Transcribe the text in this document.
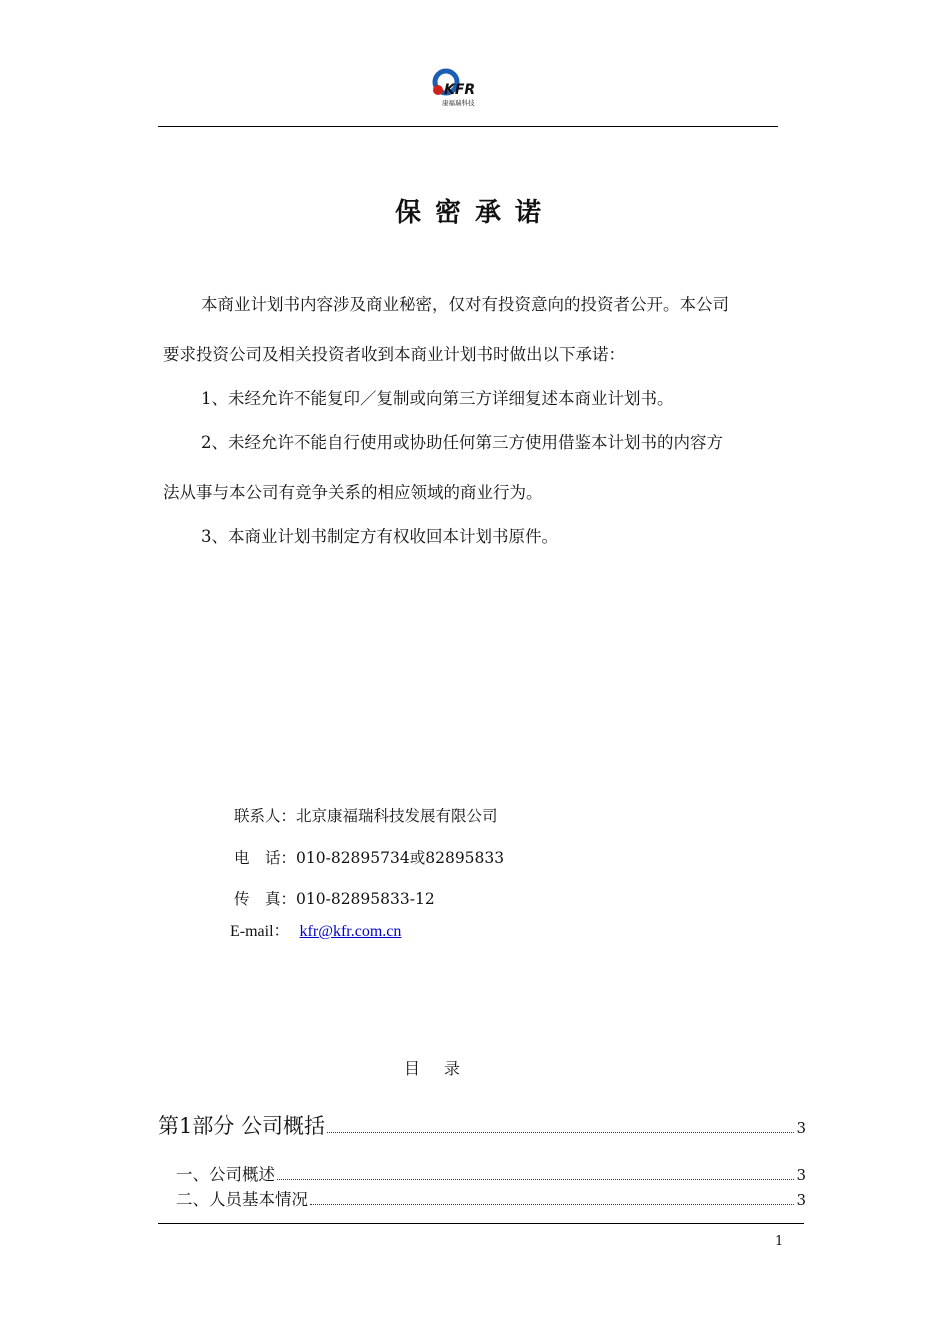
KFR
康福瑞科技
保密承诺
本商业计划书内容涉及商业秘密，仅对有投资意向的投资者公开。本公司
要求投资公司及相关投资者收到本商业计划书时做出以下承诺：
1、未经允许不能复印／复制或向第三方详细复述本商业计划书。
2、未经允许不能自行使用或协助任何第三方使用借鉴本计划书的内容方
法从事与本公司有竞争关系的相应领域的商业行为。
3、本商业计划书制定方有权收回本计划书原件。
联系人：北京康福瑞科技发展有限公司
电　话：010-82895734或82895833
传　真：010-82895833-12
E-mail： kfr@kfr.com.cn
目录
第1部分 公司概括	3
一、公司概述	3
二、人员基本情况	3
1
